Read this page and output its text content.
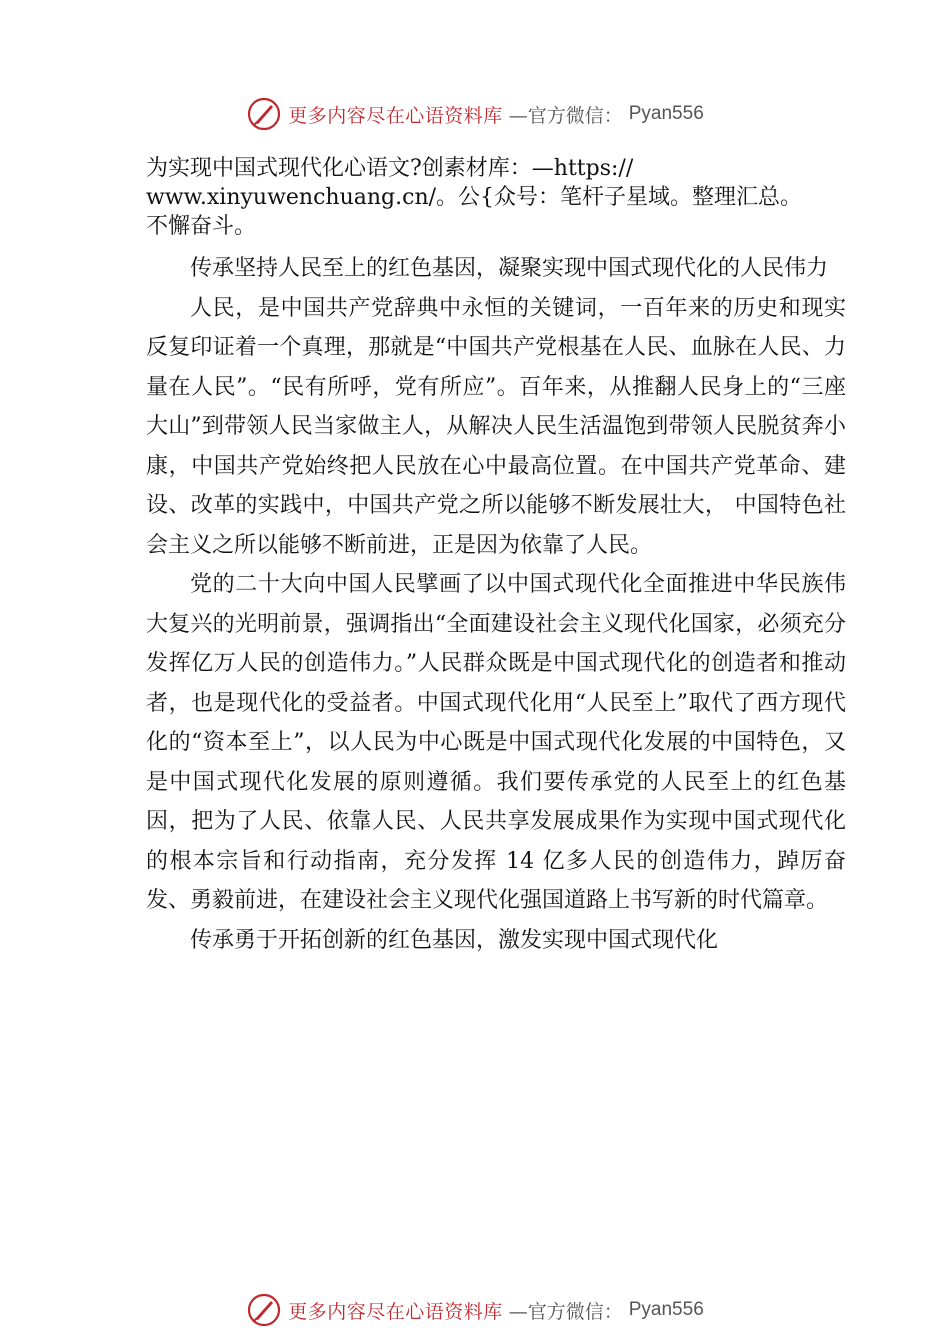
更多内容尽在心语资料库 —官方微信： Pyan556

为实现中国式现代化心语文?创素材库：—https://
www.xinyuwenchuang.cn/。公{众号：笔杆子星域。整理汇总。
不懈奋斗。

传承坚持人民至上的红色基因，凝聚实现中国式现代化的人民伟力

人民，是中国共产党辞典中永恒的关键词，一百年来的历史和现实反复印证着一个真理，那就是“中国共产党根基在人民、血脉在人民、力量在人民”。“民有所呼，党有所应”。百年来，从推翻人民身上的“三座大山”到带领人民当家做主人，从解决人民生活温饱到带领人民脱贫奔小康，中国共产党始终把人民放在心中最高位置。在中国共产党革命、建设、改革的实践中，中国共产党之所以能够不断发展壮大， 中国特色社会主义之所以能够不断前进，正是因为依靠了人民。

党的二十大向中国人民擘画了以中国式现代化全面推进中华民族伟大复兴的光明前景，强调指出“全面建设社会主义现代化国家，必须充分发挥亿万人民的创造伟力。”人民群众既是中国式现代化的创造者和推动者，也是现代化的受益者。中国式现代化用“人民至上”取代了西方现代化的“资本至上”，以人民为中心既是中国式现代化发展的中国特色，又是中国式现代化发展的原则遵循。我们要传承党的人民至上的红色基因，把为了人民、依靠人民、人民共享发展成果作为实现中国式现代化的根本宗旨和行动指南，充分发挥 14 亿多人民的创造伟力，踔厉奋发、勇毅前进，在建设社会主义现代化强国道路上书写新的时代篇章。

传承勇于开拓创新的红色基因，激发实现中国式现代化

更多内容尽在心语资料库 —官方微信： Pyan556
